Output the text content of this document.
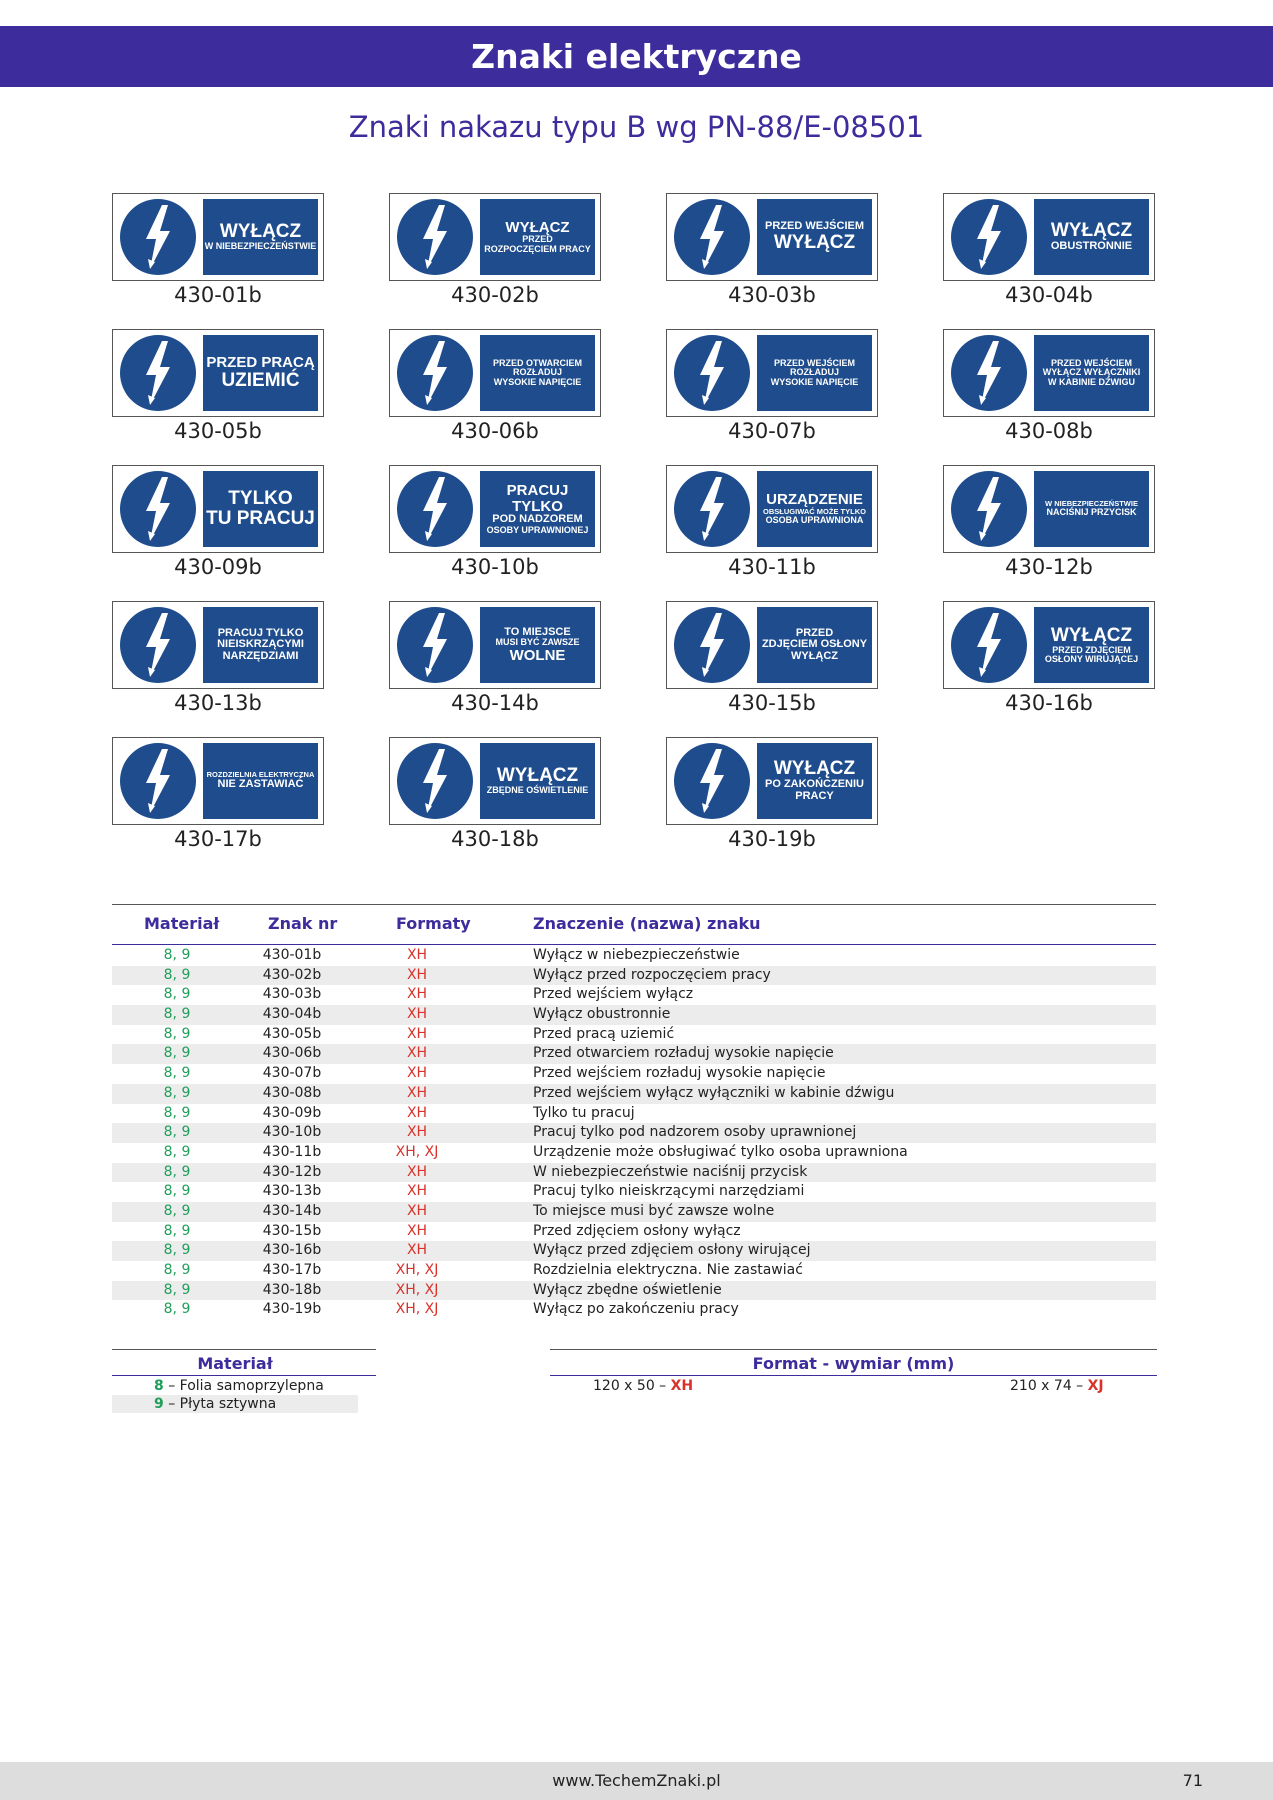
Znaki elektryczne
Znaki nakazu typu B wg PN-88/E-08501
WYŁĄCZ
W NIEBEZPIECZEŃSTWIE
430-01b
WYŁĄCZ
PRZED
ROZPOCZĘCIEM PRACY
430-02b
PRZED WEJŚCIEM
WYŁĄCZ
430-03b
WYŁĄCZ
OBUSTRONNIE
430-04b
PRZED PRACĄ
UZIEMIĆ
430-05b
PRZED OTWARCIEM
ROZŁADUJ
WYSOKIE NAPIĘCIE
430-06b
PRZED WEJŚCIEM
ROZŁADUJ
WYSOKIE NAPIĘCIE
430-07b
PRZED WEJŚCIEM
WYŁĄCZ WYŁĄCZNIKI
W KABINIE DŹWIGU
430-08b
TYLKO
TU PRACUJ
430-09b
PRACUJ TYLKO
POD NADZOREM
OSOBY UPRAWNIONEJ
430-10b
URZĄDZENIE
OBSŁUGIWAĆ MOŻE TYLKO
OSOBA UPRAWNIONA
430-11b
W NIEBEZPIECZEŃSTWIE
NACIŚNIJ PRZYCISK
430-12b
PRACUJ TYLKO
NIEISKRZĄCYMI
NARZĘDZIAMI
430-13b
TO MIEJSCE
MUSI BYĆ ZAWSZE
WOLNE
430-14b
PRZED
ZDJĘCIEM OSŁONY
WYŁĄCZ
430-15b
WYŁĄCZ
PRZED ZDJĘCIEM
OSŁONY WIRUJĄCEJ
430-16b
ROZDZIELNIA ELEKTRYCZNA
NIE ZASTAWIAĆ
430-17b
WYŁĄCZ
ZBĘDNE OŚWIETLENIE
430-18b
WYŁĄCZ
PO ZAKOŃCZENIU
PRACY
430-19b
Materiał	Znak nr	Formaty	Znaczenie (nazwa) znaku
8, 9	430-01b	XH	Wyłącz w niebezpieczeństwie
8, 9	430-02b	XH	Wyłącz przed rozpoczęciem pracy
8, 9	430-03b	XH	Przed wejściem wyłącz
8, 9	430-04b	XH	Wyłącz obustronnie
8, 9	430-05b	XH	Przed pracą uziemić
8, 9	430-06b	XH	Przed otwarciem rozładuj wysokie napięcie
8, 9	430-07b	XH	Przed wejściem rozładuj wysokie napięcie
8, 9	430-08b	XH	Przed wejściem wyłącz wyłączniki w kabinie dźwigu
8, 9	430-09b	XH	Tylko tu pracuj
8, 9	430-10b	XH	Pracuj tylko pod nadzorem osoby uprawnionej
8, 9	430-11b	XH, XJ	Urządzenie może obsługiwać tylko osoba uprawniona
8, 9	430-12b	XH	W niebezpieczeństwie naciśnij przycisk
8, 9	430-13b	XH	Pracuj tylko nieiskrzącymi narzędziami
8, 9	430-14b	XH	To miejsce musi być zawsze wolne
8, 9	430-15b	XH	Przed zdjęciem osłony wyłącz
8, 9	430-16b	XH	Wyłącz przed zdjęciem osłony wirującej
8, 9	430-17b	XH, XJ	Rozdzielnia elektryczna. Nie zastawiać
8, 9	430-18b	XH, XJ	Wyłącz zbędne oświetlenie
8, 9	430-19b	XH, XJ	Wyłącz po zakończeniu pracy
Materiał
8 – Folia samoprzylepna
9 – Płyta sztywna
Format - wymiar (mm)
120 x 50 – XH	210 x 74 – XJ
www.TechemZnaki.pl	71
